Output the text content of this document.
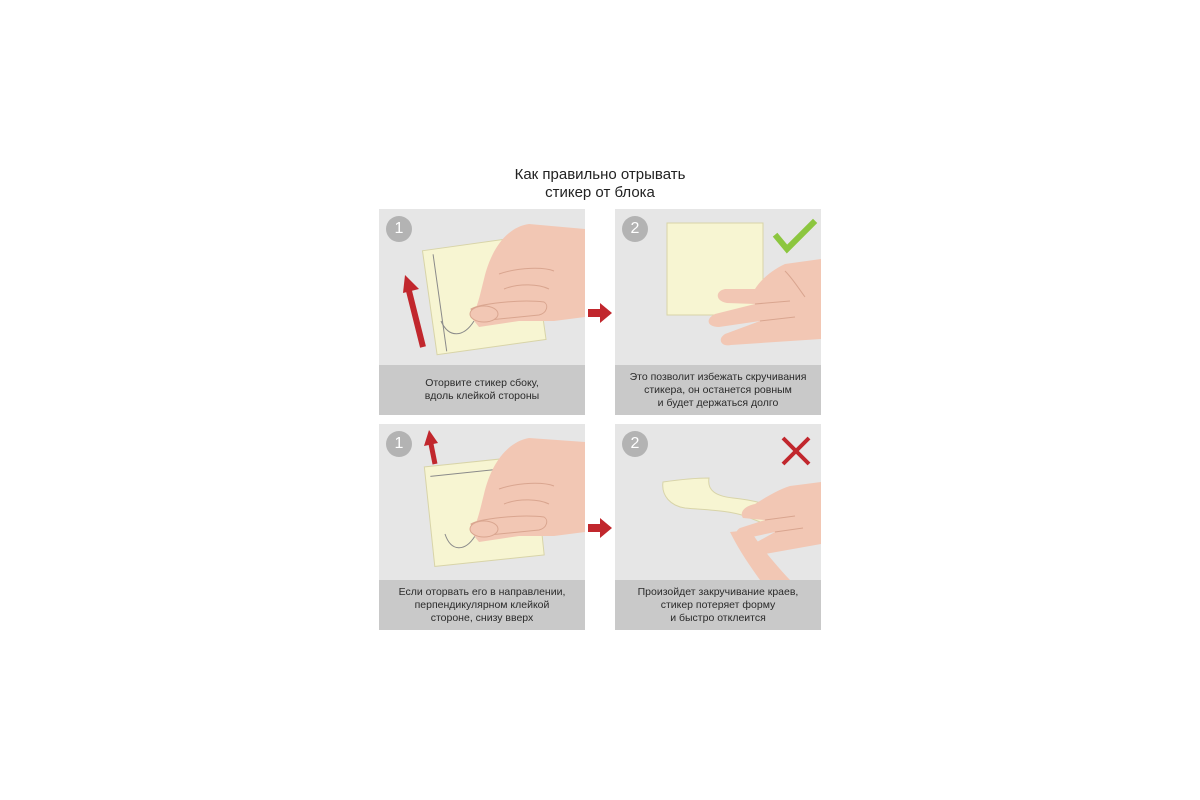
Как правильно отрывать
стикер от блока
1
Оторвите стикер сбоку,
вдоль клейкой стороны
2
Это позволит избежать скручивания
стикера, он останется ровным
и будет держаться долго
1
Если оторвать его в направлении,
перпендикулярном клейкой
стороне, снизу вверх
2
Произойдет закручивание краев,
стикер потеряет форму
и быстро отклеится
